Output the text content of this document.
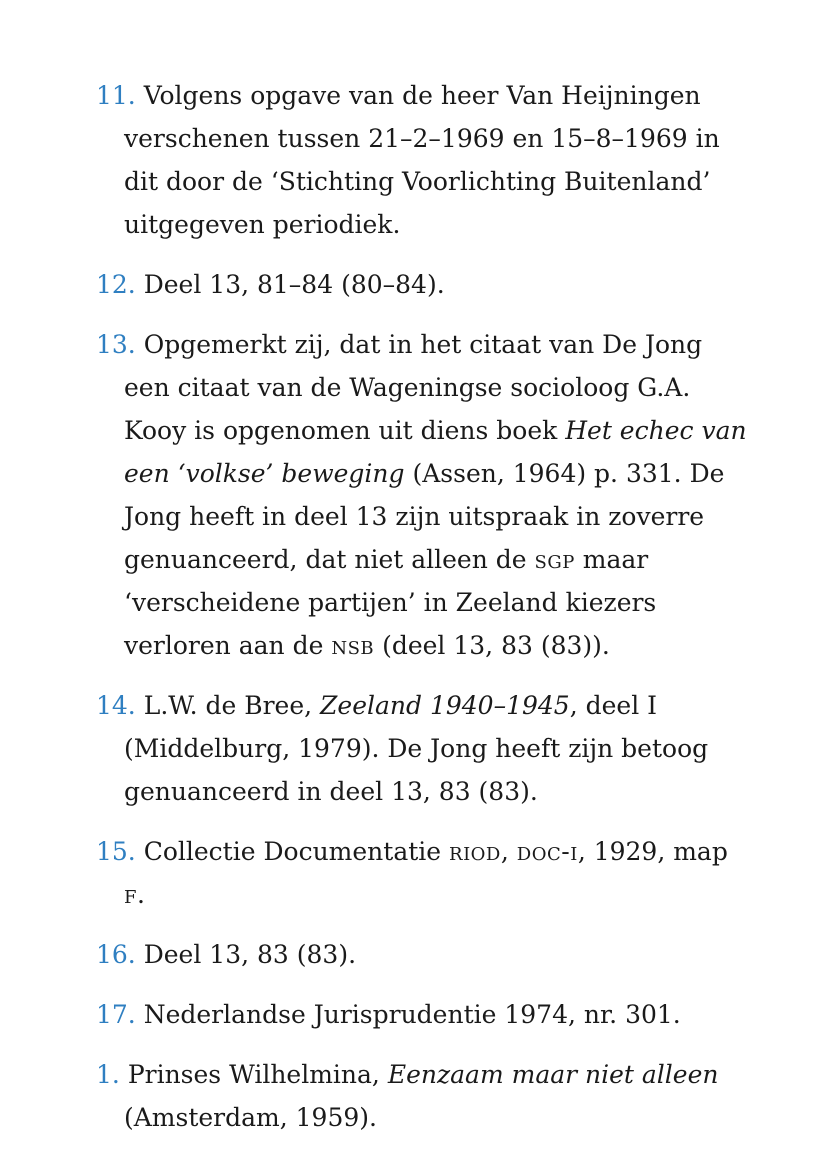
11. Volgens opgave van de heer Van Heijningen verschenen tussen 21–2–1969 en 15–8–1969 in dit door de ‘Stichting Voorlichting Buitenland’ uitgegeven periodiek.

12. Deel 13, 81–84 (80–84).

13. Opgemerkt zij, dat in het citaat van De Jong een citaat van de Wageningse socioloog G.A. Kooy is opgenomen uit diens boek Het echec van een ‘volkse’ beweging (Assen, 1964) p. 331. De Jong heeft in deel 13 zijn uitspraak in zoverre genuanceerd, dat niet alleen de sgp maar ‘verscheidene partijen’ in Zeeland kiezers verloren aan de nsb (deel 13, 83 (83)).

14. L.W. de Bree, Zeeland 1940–1945, deel I (Middelburg, 1979). De Jong heeft zijn betoog genuanceerd in deel 13, 83 (83).

15. Collectie Documentatie riod, doc-i, 1929, map f.

16. Deel 13, 83 (83).

17. Nederlandse Jurisprudentie 1974, nr. 301.

1. Prinses Wilhelmina, Eenzaam maar niet alleen (Amsterdam, 1959).
